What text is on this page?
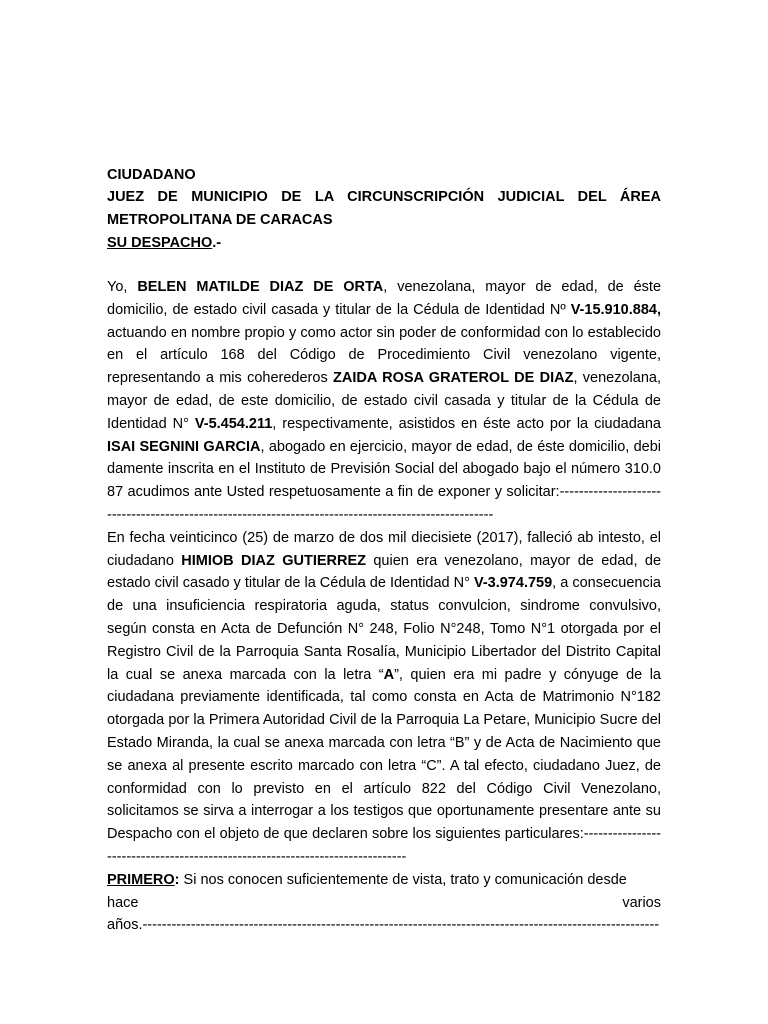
CIUDADANO
JUEZ DE MUNICIPIO DE LA CIRCUNSCRIPCIÓN JUDICIAL DEL ÁREA METROPOLITANA DE CARACAS
SU DESPACHO.-

Yo, BELEN MATILDE DIAZ DE ORTA, venezolana, mayor de edad, de éste domicilio, de estado civil casada y titular de la Cédula de Identidad Nº V-15.910.884, actuando en nombre propio y como actor sin poder de conformidad con lo establecido en el artículo 168 del Código de Procedimiento Civil venezolano vigente, representando a mis coherederos ZAIDA ROSA GRATEROL DE DIAZ, venezolana, mayor de edad, de este domicilio, de estado civil casada y titular de la Cédula de Identidad N° V-5.454.211, respectivamente, asistidos en éste acto por la ciudadana ISAI SEGNINI GARCIA, abogado en ejercicio, mayor de edad, de éste domicilio, debidamente inscrita en el Instituto de Previsión Social del abogado bajo el número 310.087 acudimos ante Usted respetuosamente a fin de exponer y solicitar:-----------------------------------------------------------------------------------------------------

En fecha veinticinco (25) de marzo de dos mil diecisiete (2017), falleció ab intesto, el ciudadano HIMIOB DIAZ GUTIERREZ quien era venezolano, mayor de edad, de estado civil casado y titular de la Cédula de Identidad N° V-3.974.759, a consecuencia de una insuficiencia respiratoria aguda, status convulcion, sindrome convulsivo, según consta en Acta de Defunción N° 248, Folio N°248, Tomo N°1 otorgada por el Registro Civil de la Parroquia Santa Rosalía, Municipio Libertador del Distrito Capital la cual se anexa marcada con la letra “A”, quien era mi padre y cónyuge de la ciudadana previamente identificada, tal como consta en Acta de Matrimonio N°182 otorgada por la Primera Autoridad Civil de la Parroquia La Petare, Municipio Sucre del Estado Miranda, la cual se anexa marcada con letra “B” y de Acta de Nacimiento que se anexa al presente escrito marcado con letra “C”. A tal efecto, ciudadano Juez, de conformidad con lo previsto en el artículo 822 del Código Civil Venezolano, solicitamos se sirva a interrogar a los testigos que oportunamente presentare ante su Despacho con el objeto de que declaren sobre los siguientes particulares:------------------------------------------------------------------------------

PRIMERO: Si nos conocen suficientemente de vista, trato y comunicación desde

hace	varios
años.-----------------------------------------------------------------------------------------------------------
